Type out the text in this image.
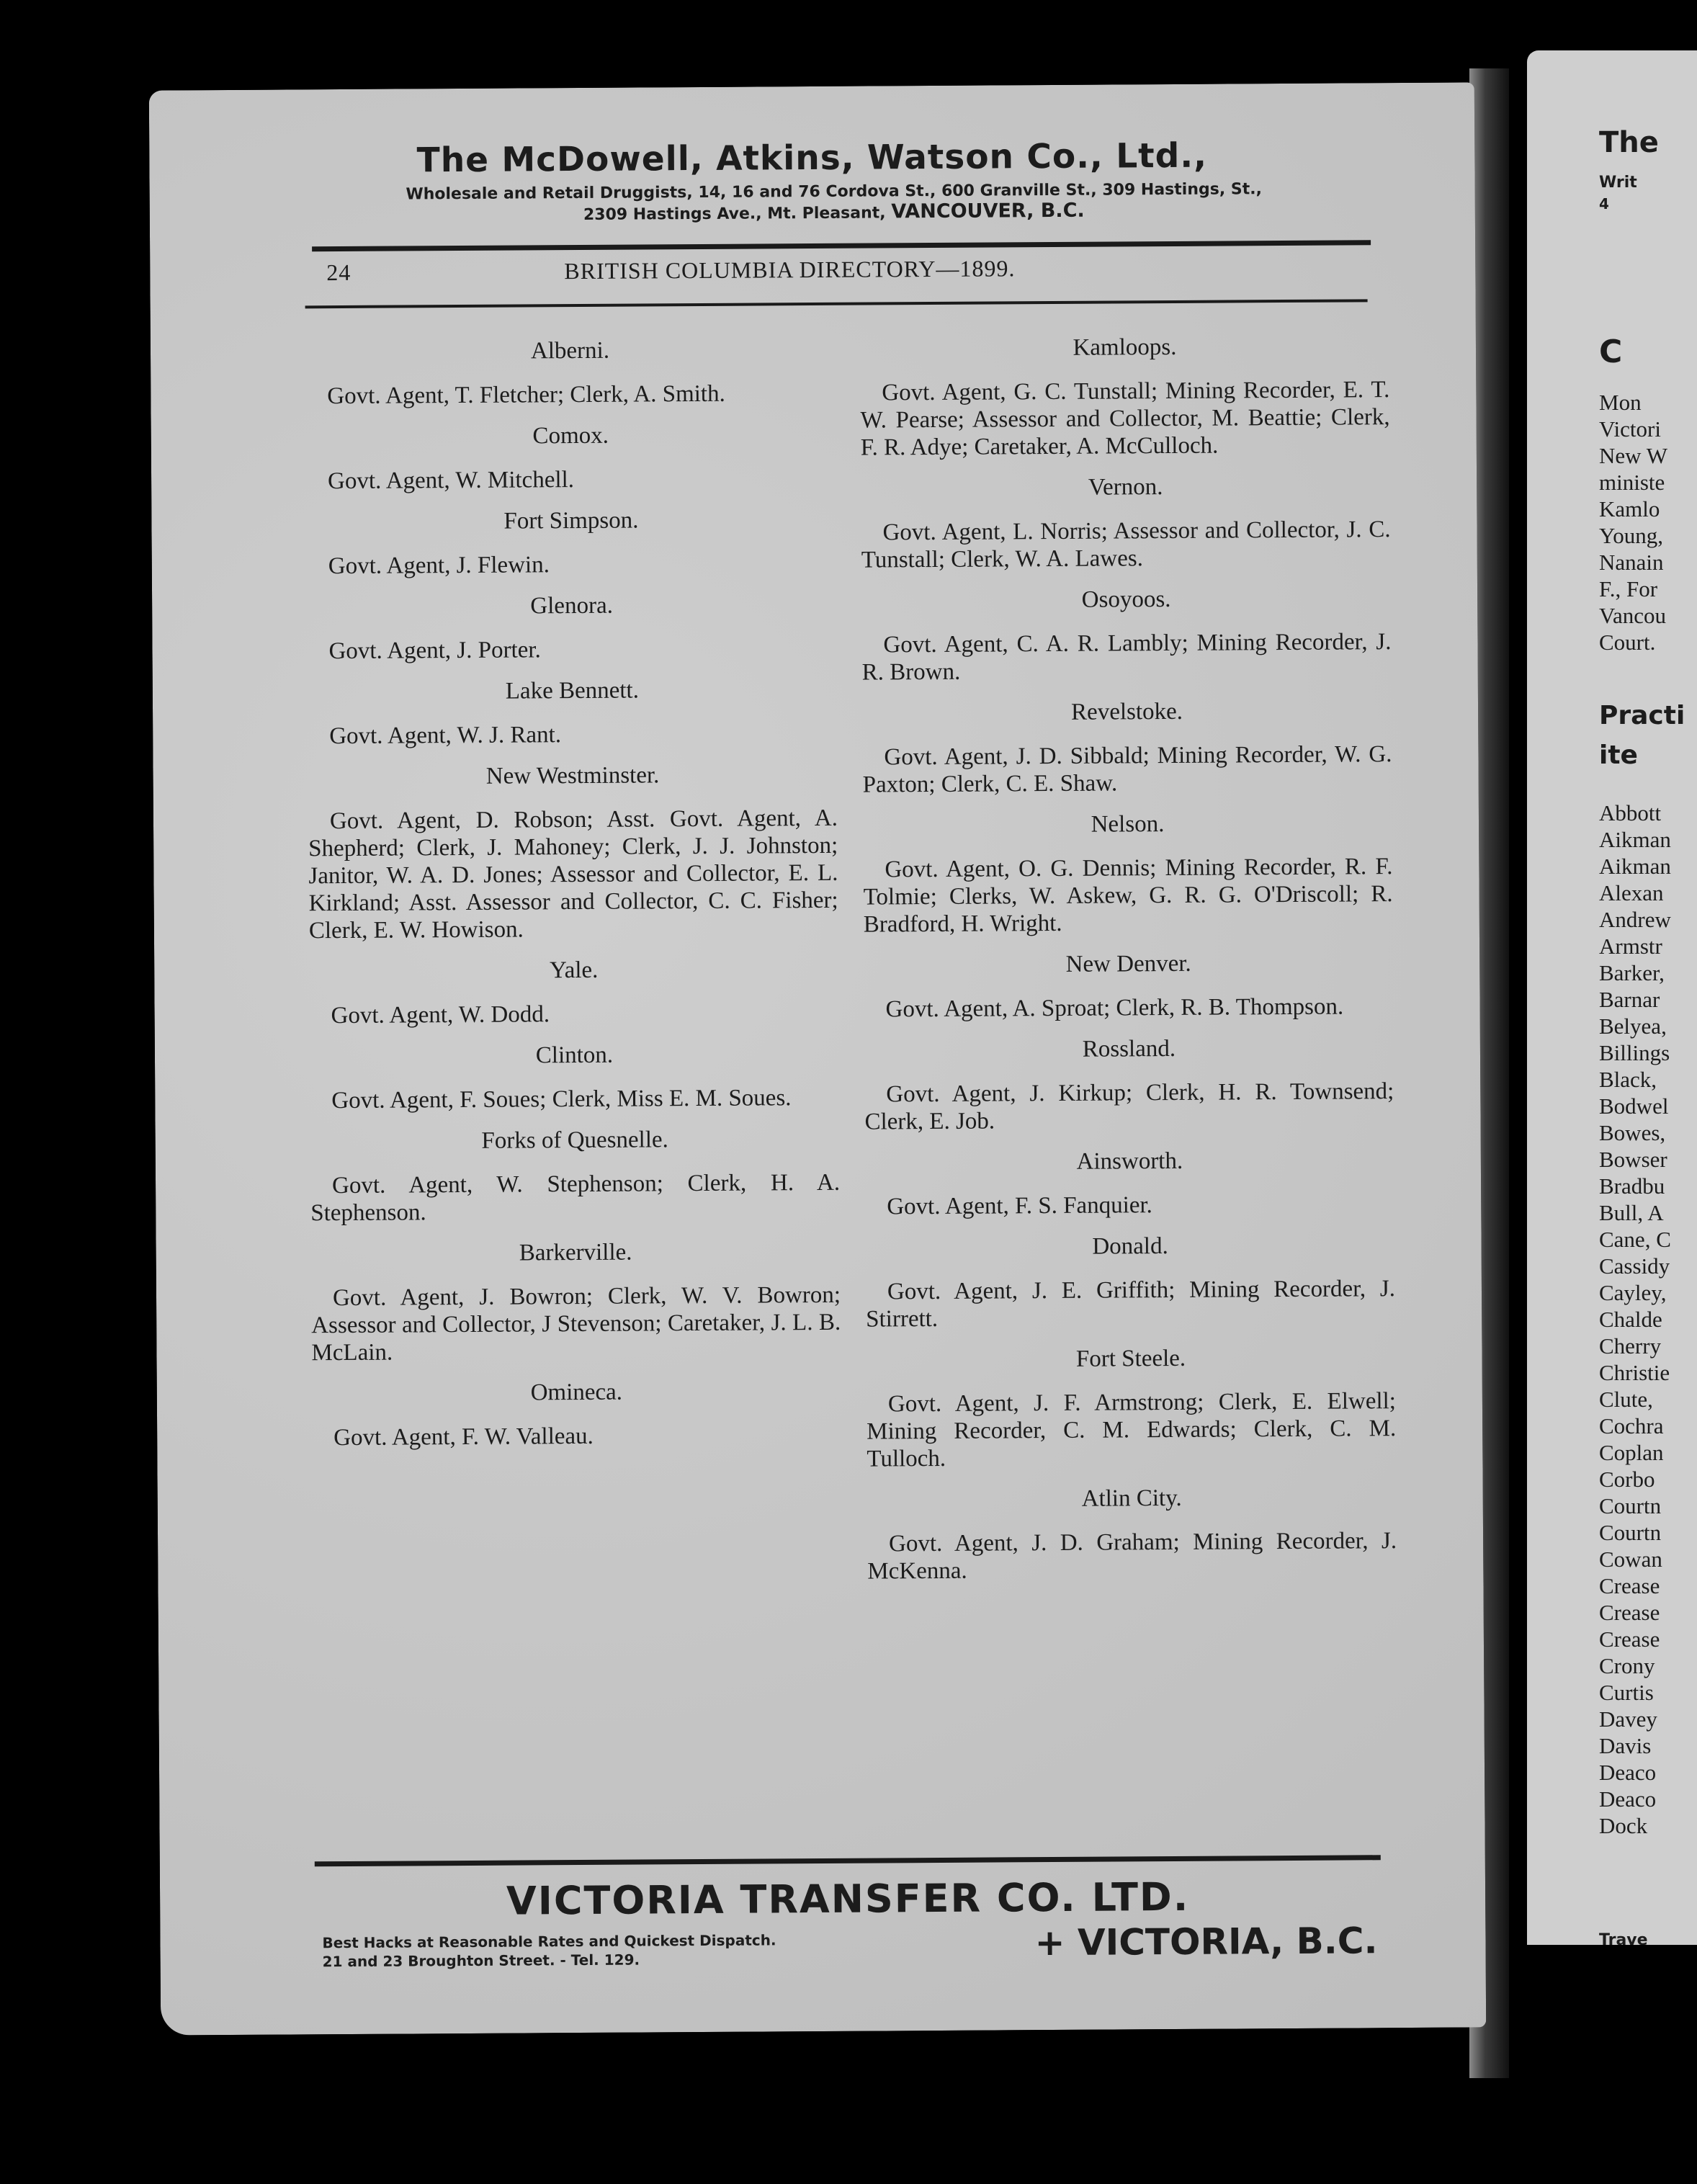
The McDowell, Atkins, Watson Co., Ltd.,
Wholesale and Retail Druggists, 14, 16 and 76 Cordova St., 600 Granville St., 309 Hastings, St.,
2309 Hastings Ave., Mt. Pleasant, VANCOUVER, B.C.
24	BRITISH COLUMBIA DIRECTORY—1899.
Alberni.
Govt. Agent, T. Fletcher; Clerk, A. Smith.
Comox.
Govt. Agent, W. Mitchell.
Fort Simpson.
Govt. Agent, J. Flewin.
Glenora.
Govt. Agent, J. Porter.
Lake Bennett.
Govt. Agent, W. J. Rant.
New Westminster.
Govt. Agent, D. Robson; Asst. Govt. Agent, A. Shepherd; Clerk, J. Mahoney; Clerk, J. J. Johnston; Janitor, W. A. D. Jones; Assessor and Collector, E. L. Kirkland; Asst. Assessor and Collector, C. C. Fisher; Clerk, E. W. Howison.
Yale.
Govt. Agent, W. Dodd.
Clinton.
Govt. Agent, F. Soues; Clerk, Miss E. M. Soues.
Forks of Quesnelle.
Govt. Agent, W. Stephenson; Clerk, H. A. Stephenson.
Barkerville.
Govt. Agent, J. Bowron; Clerk, W. V. Bowron; Assessor and Collector, J Stevenson; Caretaker, J. L. B. McLain.
Omineca.
Govt. Agent, F. W. Valleau.
Kamloops.
Govt. Agent, G. C. Tunstall; Mining Recorder, E. T. W. Pearse; Assessor and Collector, M. Beattie; Clerk, F. R. Adye; Caretaker, A. McCulloch.
Vernon.
Govt. Agent, L. Norris; Assessor and Collector, J. C. Tunstall; Clerk, W. A. Lawes.
Osoyoos.
Govt. Agent, C. A. R. Lambly; Mining Recorder, J. R. Brown.
Revelstoke.
Govt. Agent, J. D. Sibbald; Mining Recorder, W. G. Paxton; Clerk, C. E. Shaw.
Nelson.
Govt. Agent, O. G. Dennis; Mining Recorder, R. F. Tolmie; Clerks, W. Askew, G. R. G. O'Driscoll; R. Bradford, H. Wright.
New Denver.
Govt. Agent, A. Sproat; Clerk, R. B. Thompson.
Rossland.
Govt. Agent, J. Kirkup; Clerk, H. R. Townsend; Clerk, E. Job.
Ainsworth.
Govt. Agent, F. S. Fanquier.
Donald.
Govt. Agent, J. E. Griffith; Mining Recorder, J. Stirrett.
Fort Steele.
Govt. Agent, J. F. Armstrong; Clerk, E. Elwell; Mining Recorder, C. M. Edwards; Clerk, C. M. Tulloch.
Atlin City.
Govt. Agent, J. D. Graham; Mining Recorder, J. McKenna.
VICTORIA TRANSFER CO. LTD.
Best Hacks at Reasonable Rates and Quickest Dispatch.
21 and 23 Broughton Street. - Tel. 129.	+ VICTORIA, B.C.
The
Writ
4
C
Mon
Victori
New W
ministe
Kamlo
Young,
Nanain
F., For
Vancou
Court.
Practi
ite
Abbott
Aikman
Aikman
Alexan
Andrew
Armstr
Barker,
Barnar
Belyea,
Billings
Black,
Bodwel
Bowes,
Bowser
Bradbu
Bull, A
Cane, C
Cassidy
Cayley,
Chalde
Cherry
Christie
Clute,
Cochra
Coplan
Corbo
Courtn
Courtn
Cowan
Crease
Crease
Crease
Crony
Curtis
Davey
Davis
Deaco
Deaco
Dock
Trave
